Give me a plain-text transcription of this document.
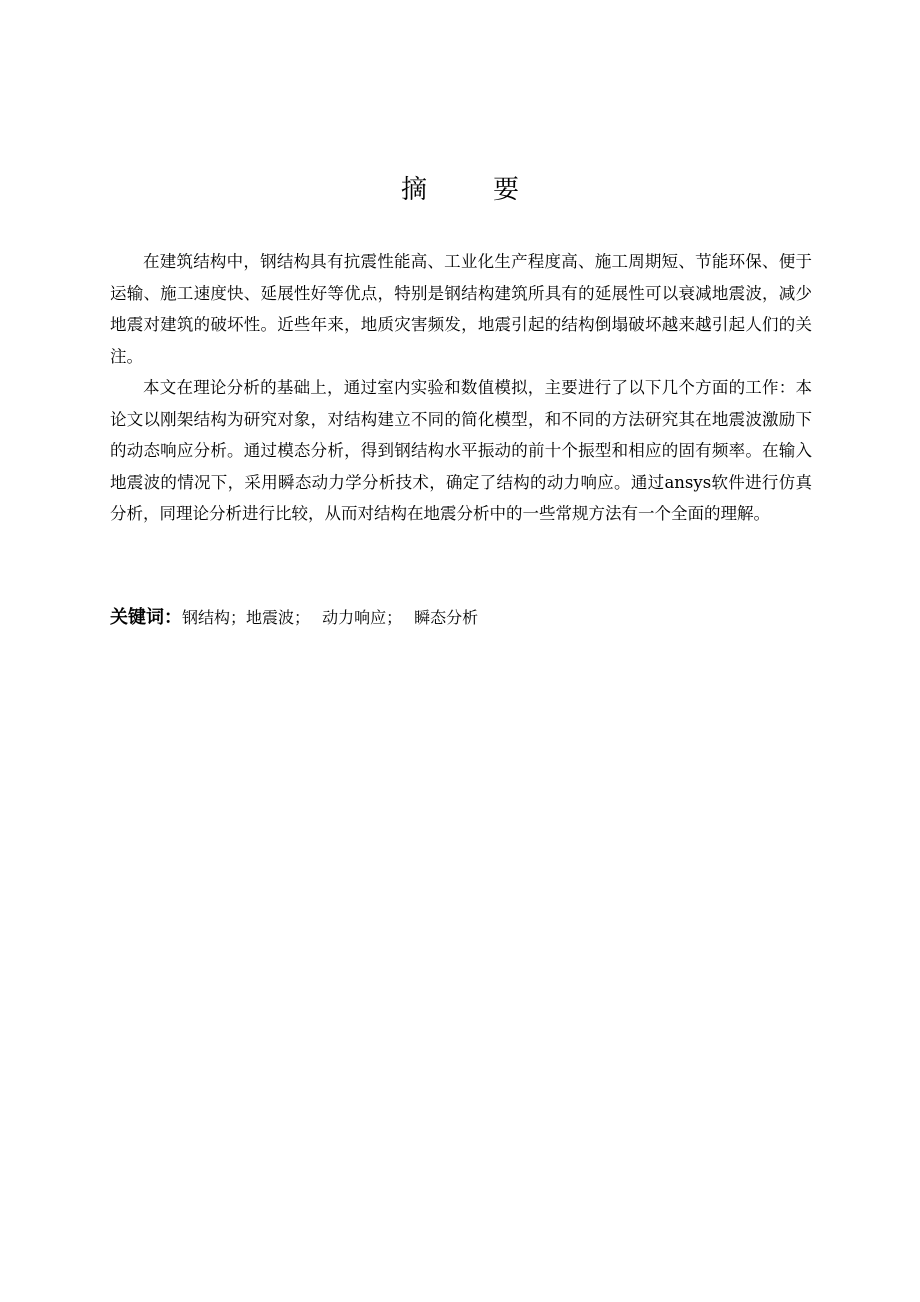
摘　要

在建筑结构中，钢结构具有抗震性能高、工业化生产程度高、施工周期短、节能环保、便于运输、施工速度快、延展性好等优点，特别是钢结构建筑所具有的延展性可以衰减地震波，减少地震对建筑的破坏性。近些年来，地质灾害频发，地震引起的结构倒塌破坏越来越引起人们的关注。

本文在理论分析的基础上，通过室内实验和数值模拟，主要进行了以下几个方面的工作：本论文以刚架结构为研究对象，对结构建立不同的简化模型，和不同的方法研究其在地震波激励下的动态响应分析。通过模态分析，得到钢结构水平振动的前十个振型和相应的固有频率。在输入地震波的情况下，采用瞬态动力学分析技术，确定了结构的动力响应。通过ansys软件进行仿真分析，同理论分析进行比较，从而对结构在地震分析中的一些常规方法有一个全面的理解。

关键词：钢结构；地震波； 动力响应； 瞬态分析
